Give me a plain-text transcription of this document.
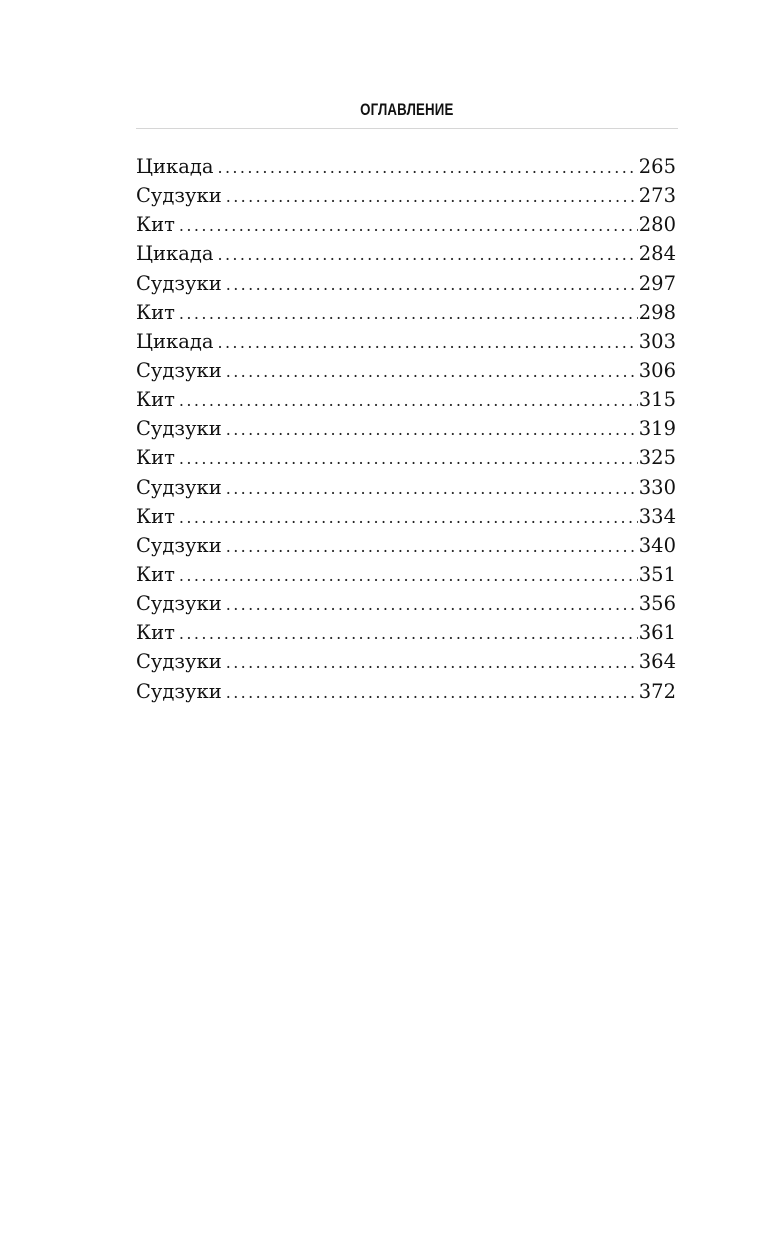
ОГЛАВЛЕНИЕ
Цикада .....	265
Судзуки .....	273
Кит .....	280
Цикада .....	284
Судзуки .....	297
Кит .....	298
Цикада .....	303
Судзуки .....	306
Кит .....	315
Судзуки .....	319
Кит .....	325
Судзуки .....	330
Кит .....	334
Судзуки .....	340
Кит .....	351
Судзуки .....	356
Кит .....	361
Судзуки .....	364
Судзуки .....	372
